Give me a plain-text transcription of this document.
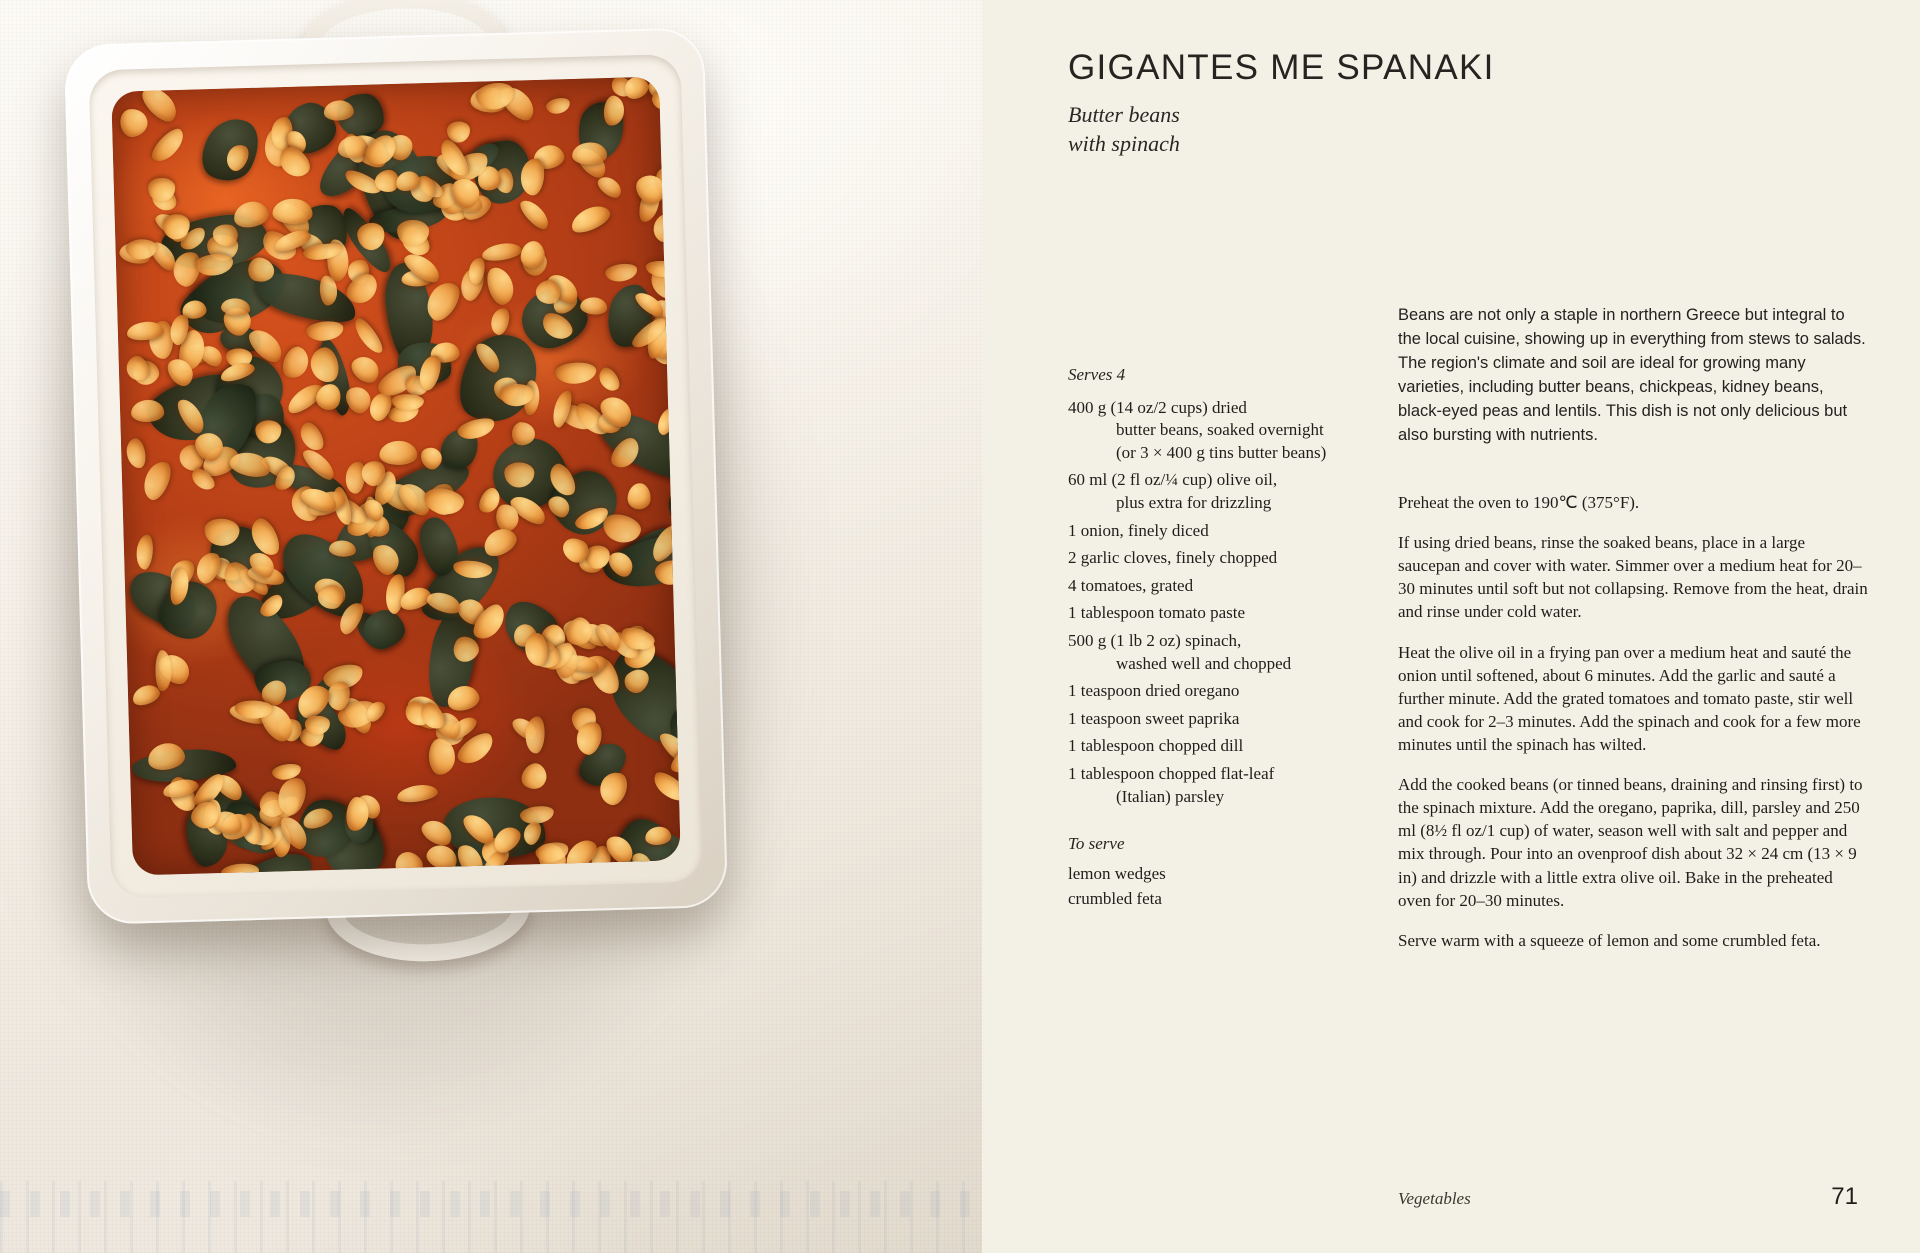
GIGANTES ME SPANAKI
Butter beans
with spinach
Serves 4
400 g (14 oz/2 cups) dried
butter beans, soaked overnight (or 3 × 400 g tins butter beans)
60 ml (2 fl oz/¼ cup) olive oil,
plus extra for drizzling
1 onion, finely diced
2 garlic cloves, finely chopped
4 tomatoes, grated
1 tablespoon tomato paste
500 g (1 lb 2 oz) spinach,
washed well and chopped
1 teaspoon dried oregano
1 teaspoon sweet paprika
1 tablespoon chopped dill
1 tablespoon chopped flat-leaf
(Italian) parsley
To serve
lemon wedges
crumbled feta

Beans are not only a staple in northern Greece but integral to the local cuisine, showing up in everything from stews to salads. The region's climate and soil are ideal for growing many varieties, including butter beans, chickpeas, kidney beans, black-eyed peas and lentils. This dish is not only delicious but also bursting with nutrients.

Preheat the oven to 190℃ (375°F).

If using dried beans, rinse the soaked beans, place in a large saucepan and cover with water. Simmer over a medium heat for 20–30 minutes until soft but not collapsing. Remove from the heat, drain and rinse under cold water.

Heat the olive oil in a frying pan over a medium heat and sauté the onion until softened, about 6 minutes. Add the garlic and sauté a further minute. Add the grated tomatoes and tomato paste, stir well and cook for 2–3 minutes. Add the spinach and cook for a few more minutes until the spinach has wilted.

Add the cooked beans (or tinned beans, draining and rinsing first) to the spinach mixture. Add the oregano, paprika, dill, parsley and 250 ml (8½ fl oz/1 cup) of water, season well with salt and pepper and mix through. Pour into an ovenproof dish about 32 × 24 cm (13 × 9 in) and drizzle with a little extra olive oil. Bake in the preheated oven for 20–30 minutes.

Serve warm with a squeeze of lemon and some crumbled feta.

Vegetables	71
